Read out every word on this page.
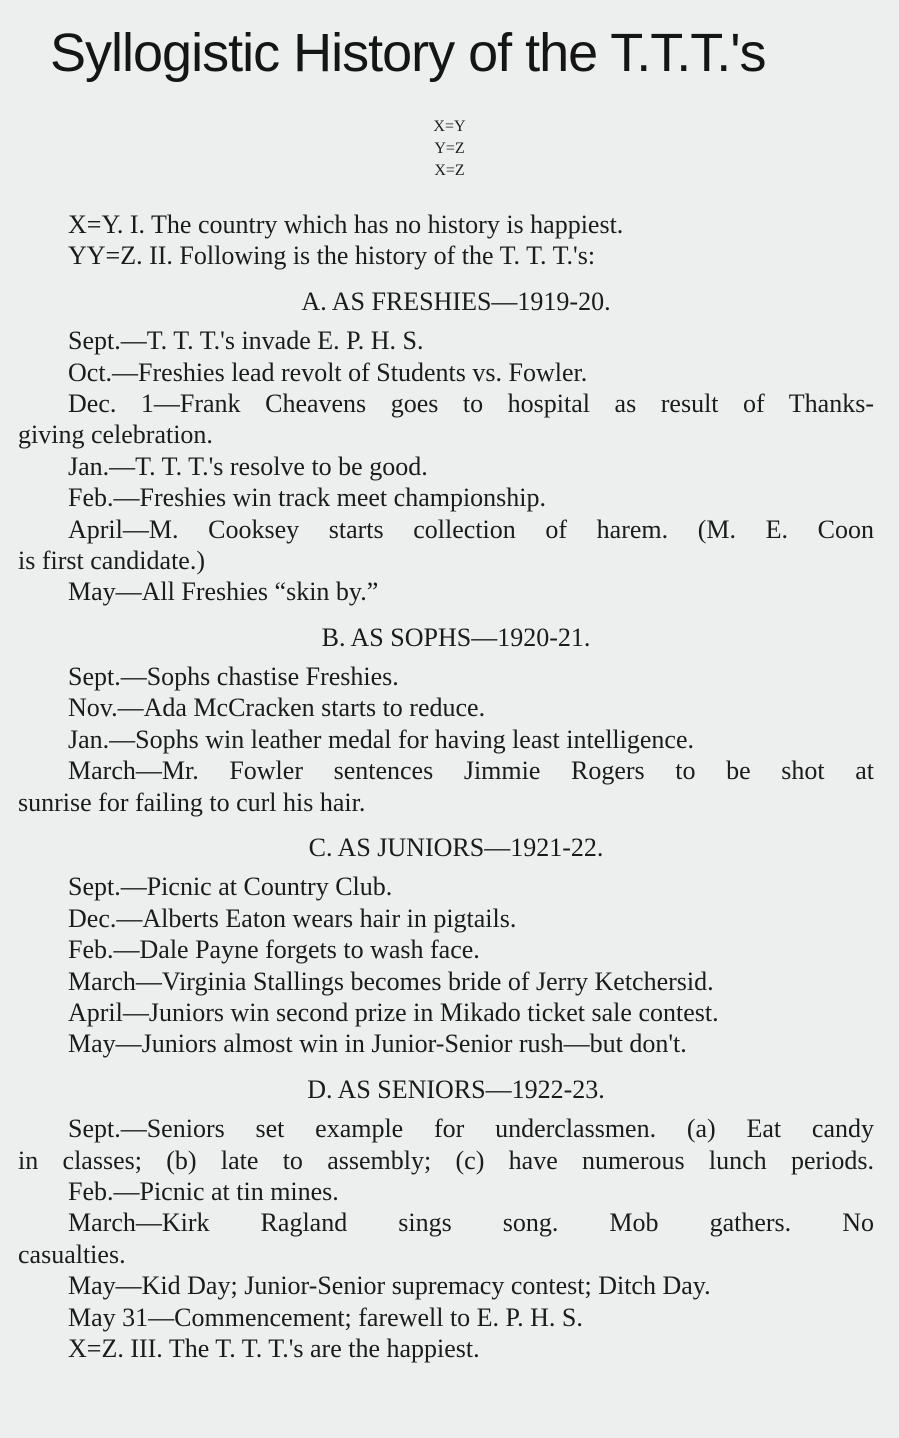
Syllogistic History of the T.T.T.'s
X=Y
Y=Z
X=Z
X=Y. I. The country which has no history is happiest.
YY=Z. II. Following is the history of the T. T. T.'s:
A. AS FRESHIES—1919-20.
Sept.—T. T. T.'s invade E. P. H. S.
Oct.—Freshies lead revolt of Students vs. Fowler.
Dec. 1—Frank Cheavens goes to hospital as result of Thanks-
giving celebration.
Jan.—T. T. T.'s resolve to be good.
Feb.—Freshies win track meet championship.
April—M. Cooksey starts collection of harem. (M. E. Coon
is first candidate.)
May—All Freshies “skin by.”
B. AS SOPHS—1920-21.
Sept.—Sophs chastise Freshies.
Nov.—Ada McCracken starts to reduce.
Jan.—Sophs win leather medal for having least intelligence.
March—Mr. Fowler sentences Jimmie Rogers to be shot at
sunrise for failing to curl his hair.
C. AS JUNIORS—1921-22.
Sept.—Picnic at Country Club.
Dec.—Alberts Eaton wears hair in pigtails.
Feb.—Dale Payne forgets to wash face.
March—Virginia Stallings becomes bride of Jerry Ketchersid.
April—Juniors win second prize in Mikado ticket sale contest.
May—Juniors almost win in Junior-Senior rush—but don't.
D. AS SENIORS—1922-23.
Sept.—Seniors set example for underclassmen. (a) Eat candy
in classes; (b) late to assembly; (c) have numerous lunch periods.
Feb.—Picnic at tin mines.
March—Kirk Ragland sings song. Mob gathers. No
casualties.
May—Kid Day; Junior-Senior supremacy contest; Ditch Day.
May 31—Commencement; farewell to E. P. H. S.
X=Z. III. The T. T. T.'s are the happiest.
